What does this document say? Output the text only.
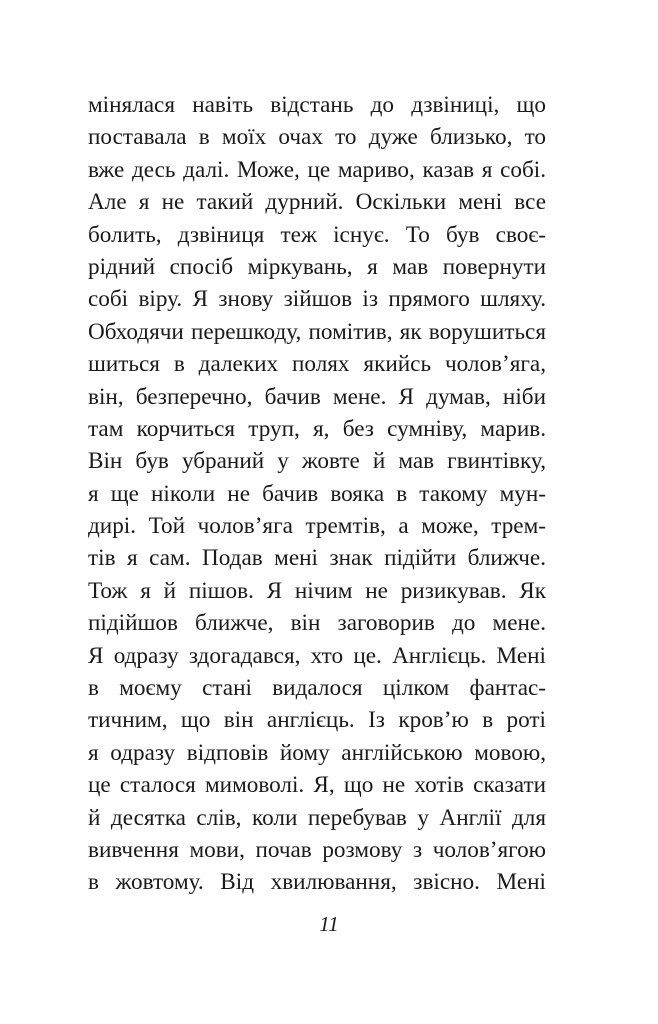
мінялася навіть відстань до дзвіниці, що
поставала в моїх очах то дуже близько, то
вже десь далі. Може, це мариво, казав я собі.
Але я не такий дурний. Оскільки мені все
болить, дзвіниця теж існує. То був своє-
рідний спосіб міркувань, я мав повернути
собі віру. Я знову зійшов із прямого шляху.
Обходячи перешкоду, помітив, як ворушиться
шиться в далеких полях якийсь чолов’яга,
він, безперечно, бачив мене. Я думав, ніби
там корчиться труп, я, без сумніву, марив.
Він був убраний у жовте й мав гвинтівку,
я ще ніколи не бачив вояка в такому мун-
дирі. Той чолов’яга тремтів, а може, трем-
тів я сам. Подав мені знак підійти ближче.
Тож я й пішов. Я нічим не ризикував. Як
підійшов ближче, він заговорив до мене.
Я одразу здогадався, хто це. Англієць. Мені
в моєму стані видалося цілком фантас-
тичним, що він англієць. Із кров’ю в роті
я одразу відповів йому англійською мовою,
це сталося мимоволі. Я, що не хотів сказати
й десятка слів, коли перебував у Англії для
вивчення мови, почав розмову з чолов’ягою
в жовтому. Від хвилювання, звісно. Мені

11
